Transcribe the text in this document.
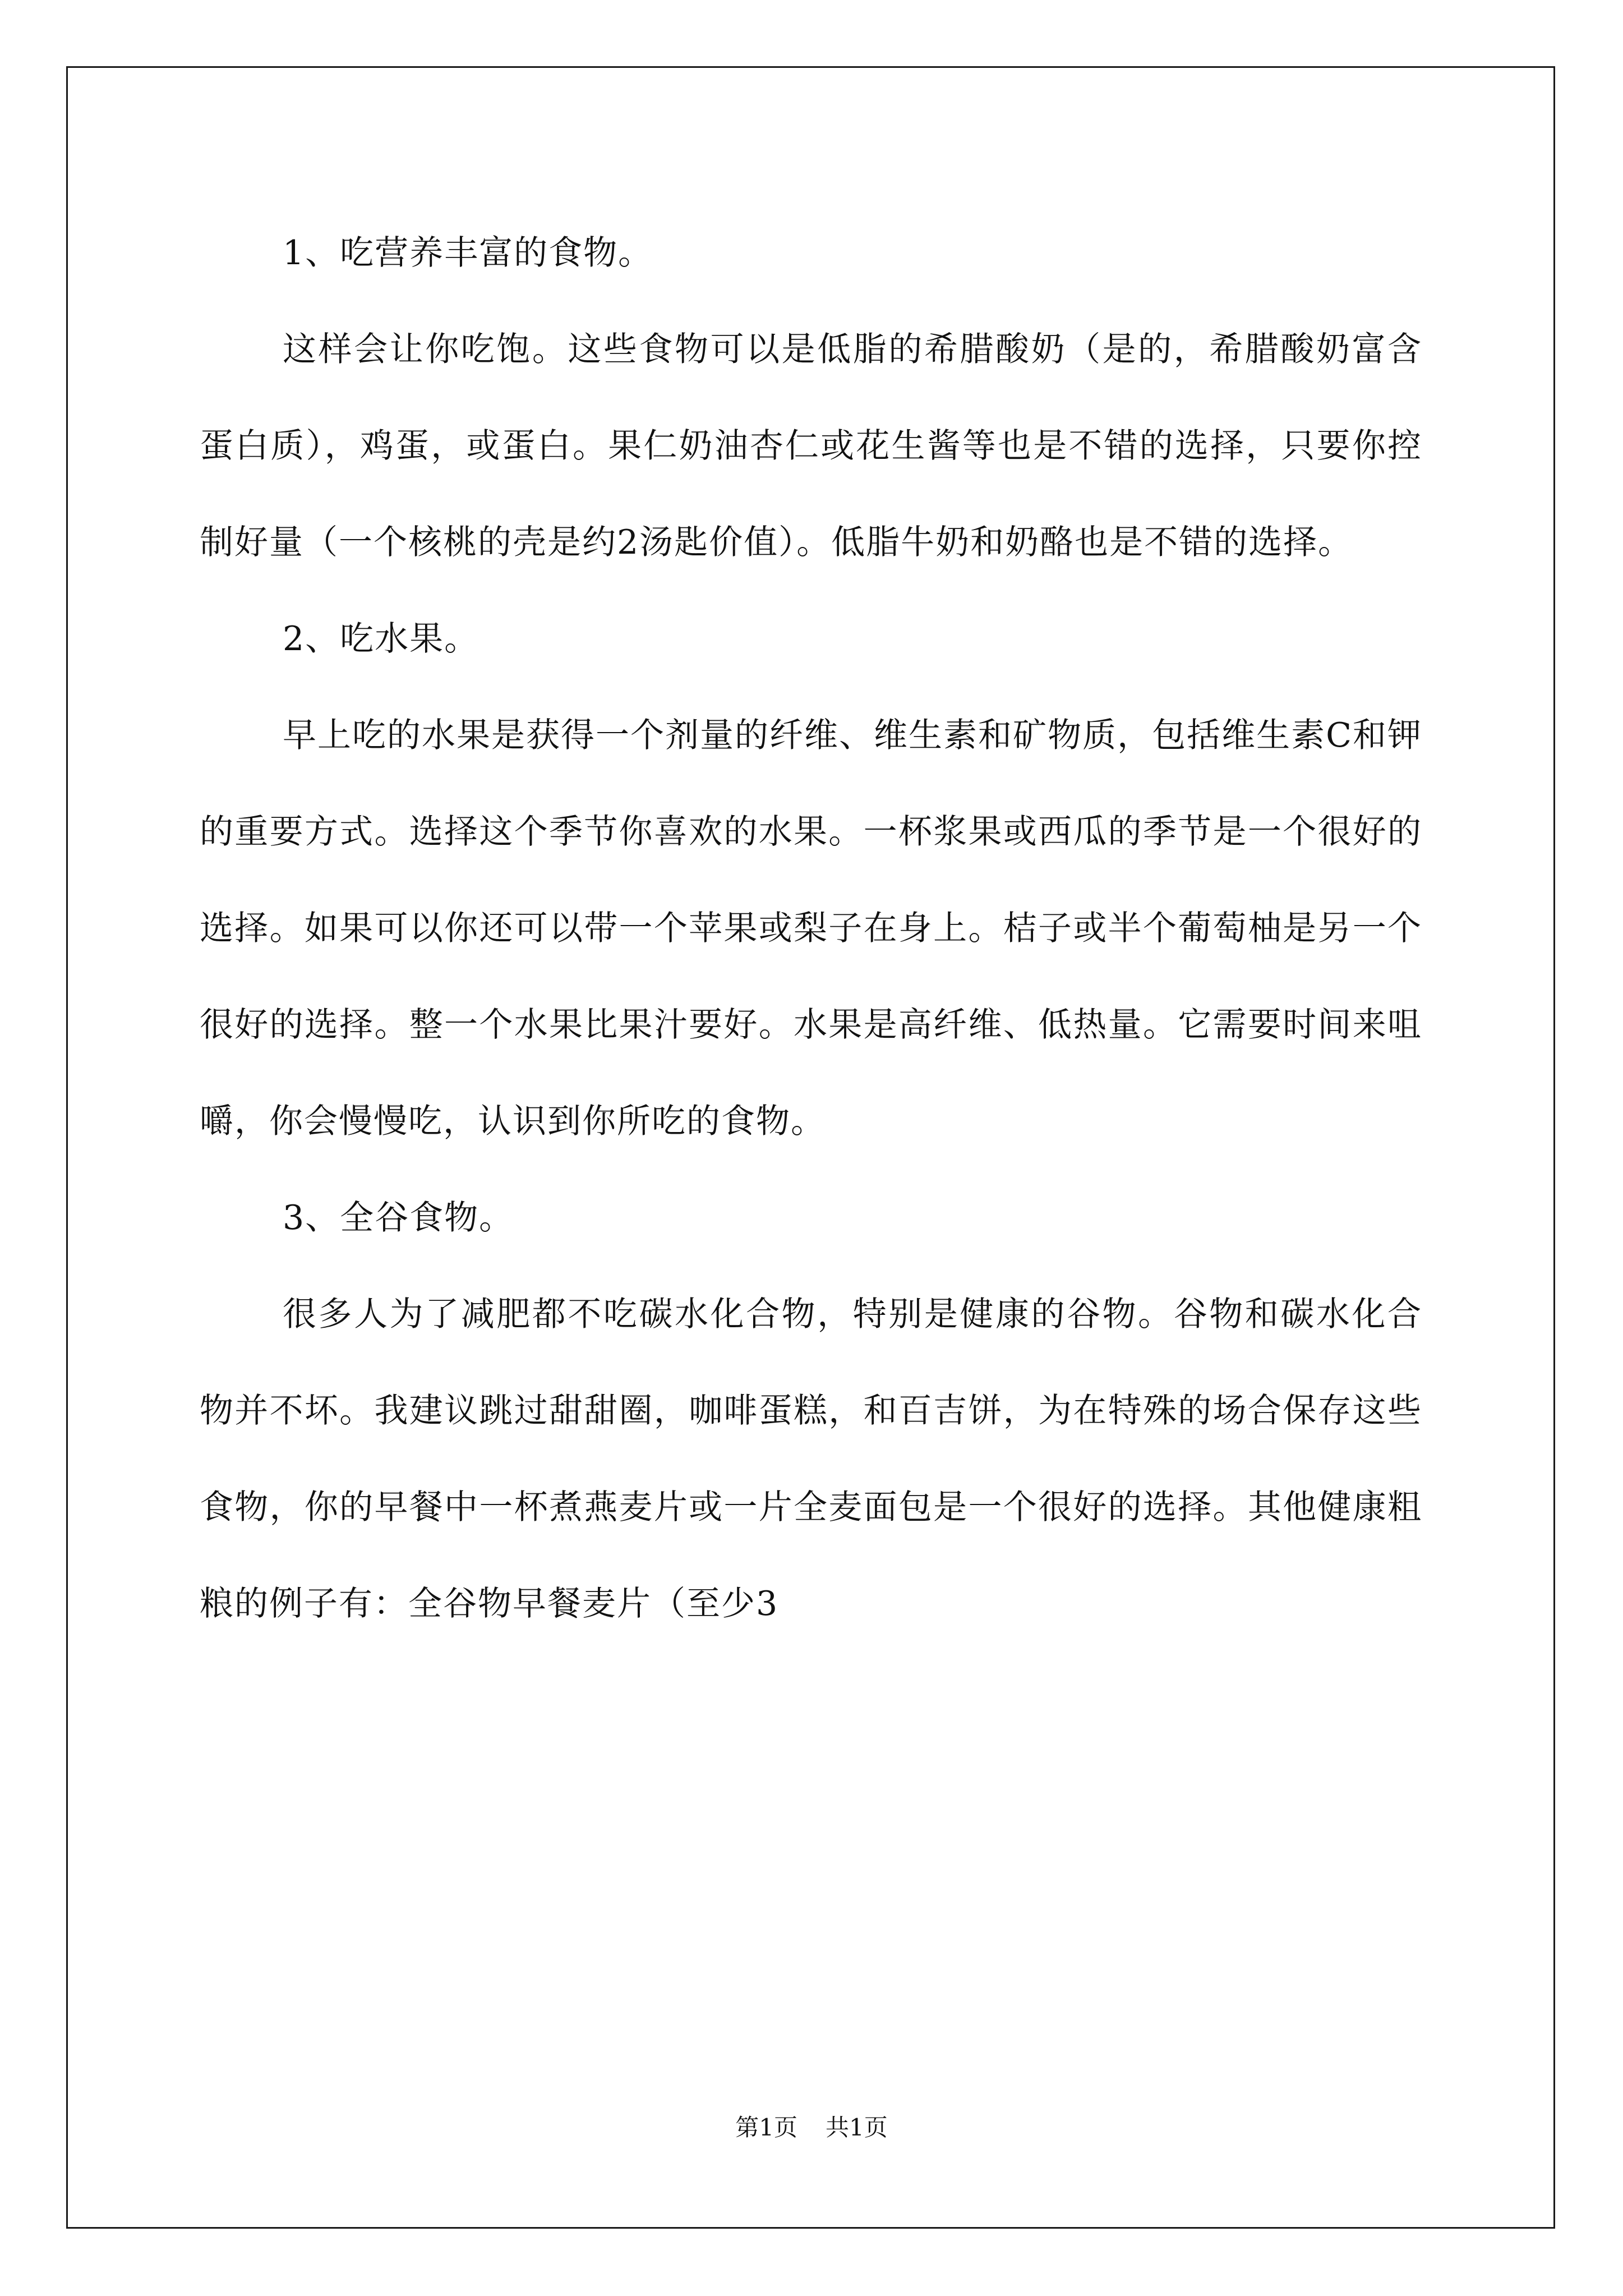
1、吃营养丰富的食物。

这样会让你吃饱。这些食物可以是低脂的希腊酸奶（是的，希腊酸奶富含蛋白质），鸡蛋，或蛋白。果仁奶油杏仁或花生酱等也是不错的选择，只要你控制好量（一个核桃的壳是约2汤匙价值）。低脂牛奶和奶酪也是不错的选择。

2、吃水果。

早上吃的水果是获得一个剂量的纤维、维生素和矿物质，包括维生素C和钾的重要方式。选择这个季节你喜欢的水果。一杯浆果或西瓜的季节是一个很好的选择。如果可以你还可以带一个苹果或梨子在身上。桔子或半个葡萄柚是另一个很好的选择。整一个水果比果汁要好。水果是高纤维、低热量。它需要时间来咀嚼，你会慢慢吃，认识到你所吃的食物。

3、全谷食物。

很多人为了减肥都不吃碳水化合物，特别是健康的谷物。谷物和碳水化合物并不坏。我建议跳过甜甜圈，咖啡蛋糕，和百吉饼，为在特殊的场合保存这些食物，你的早餐中一杯煮燕麦片或一片全麦面包是一个很好的选择。其他健康粗粮的例子有：全谷物早餐麦片（至少3

第1页 共1页
